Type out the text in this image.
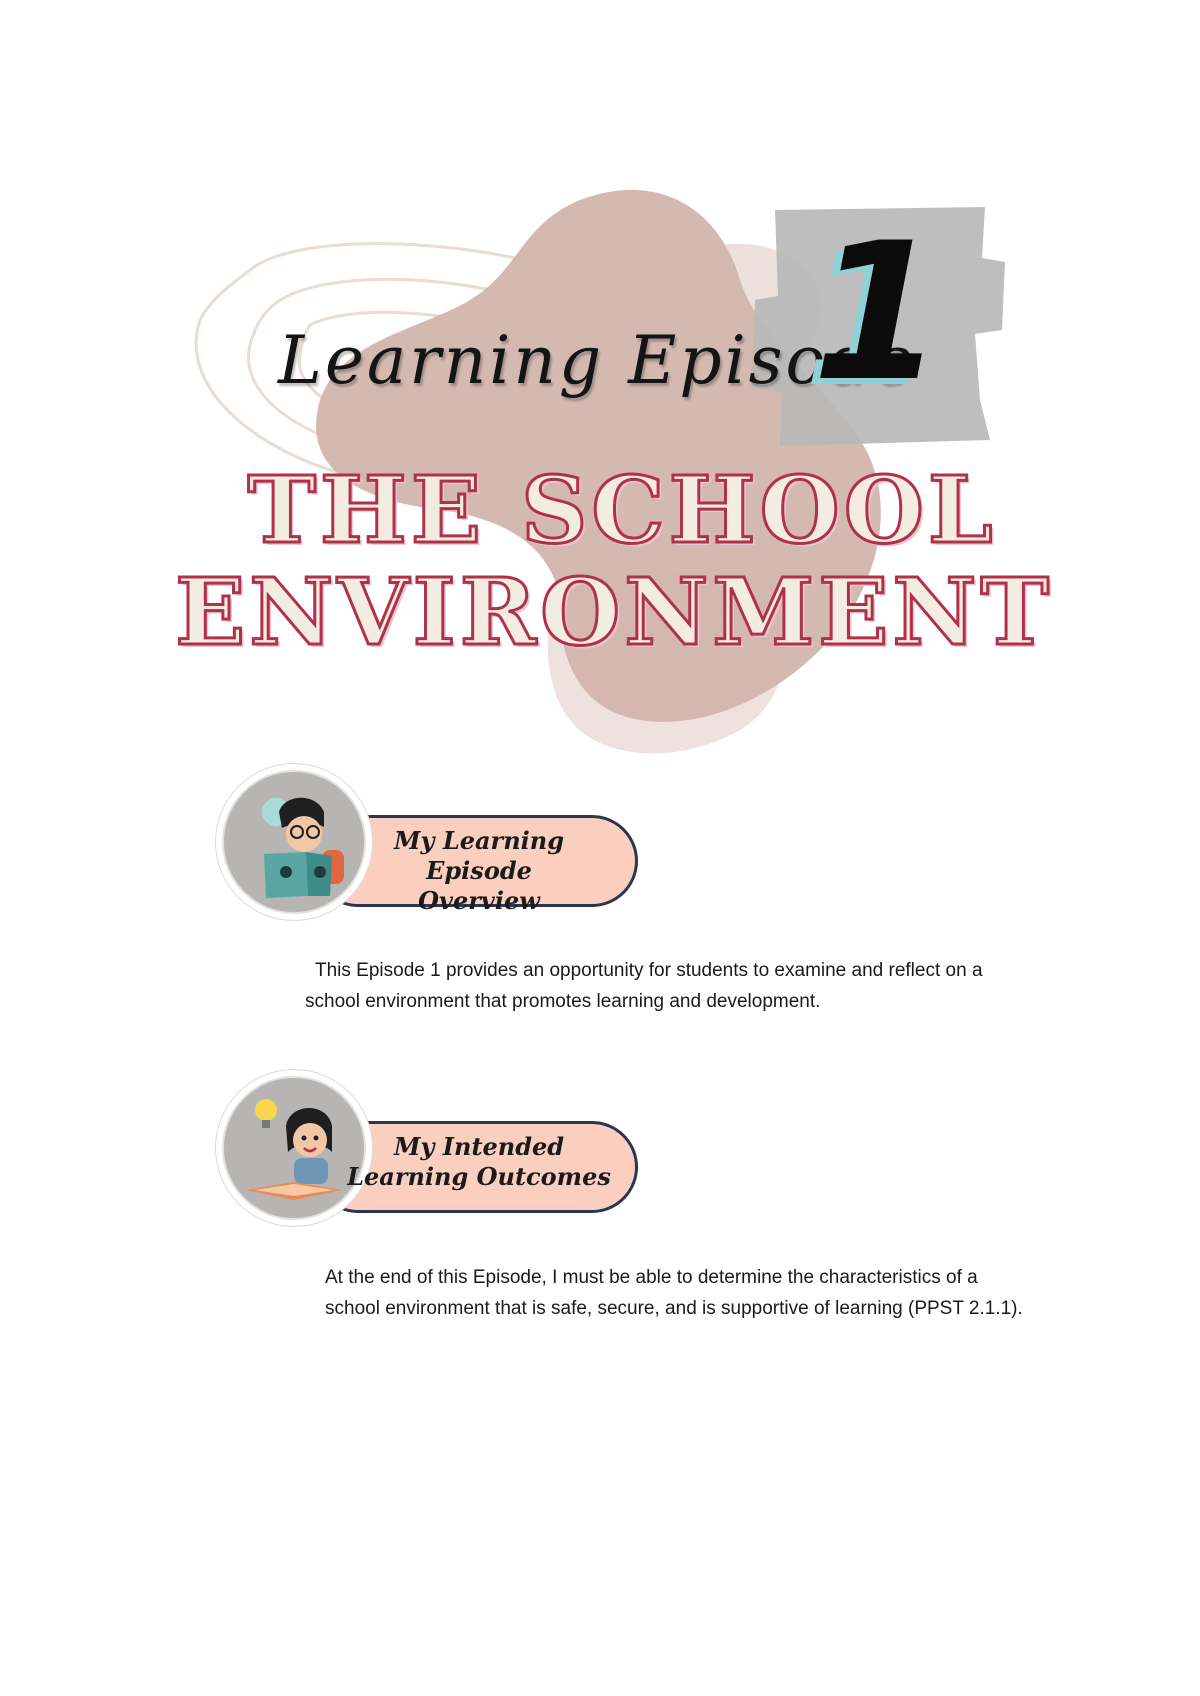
Learning Episode
1
THE SCHOOL
ENVIRONMENT
My Learning Episode
Overview
This Episode 1 provides an opportunity for students to examine and reflect on a
school environment that promotes learning and development.
My Intended
Learning Outcomes
At the end of this Episode, I must be able to determine the characteristics of a
school environment that is safe, secure, and is supportive of learning (PPST 2.1.1).
